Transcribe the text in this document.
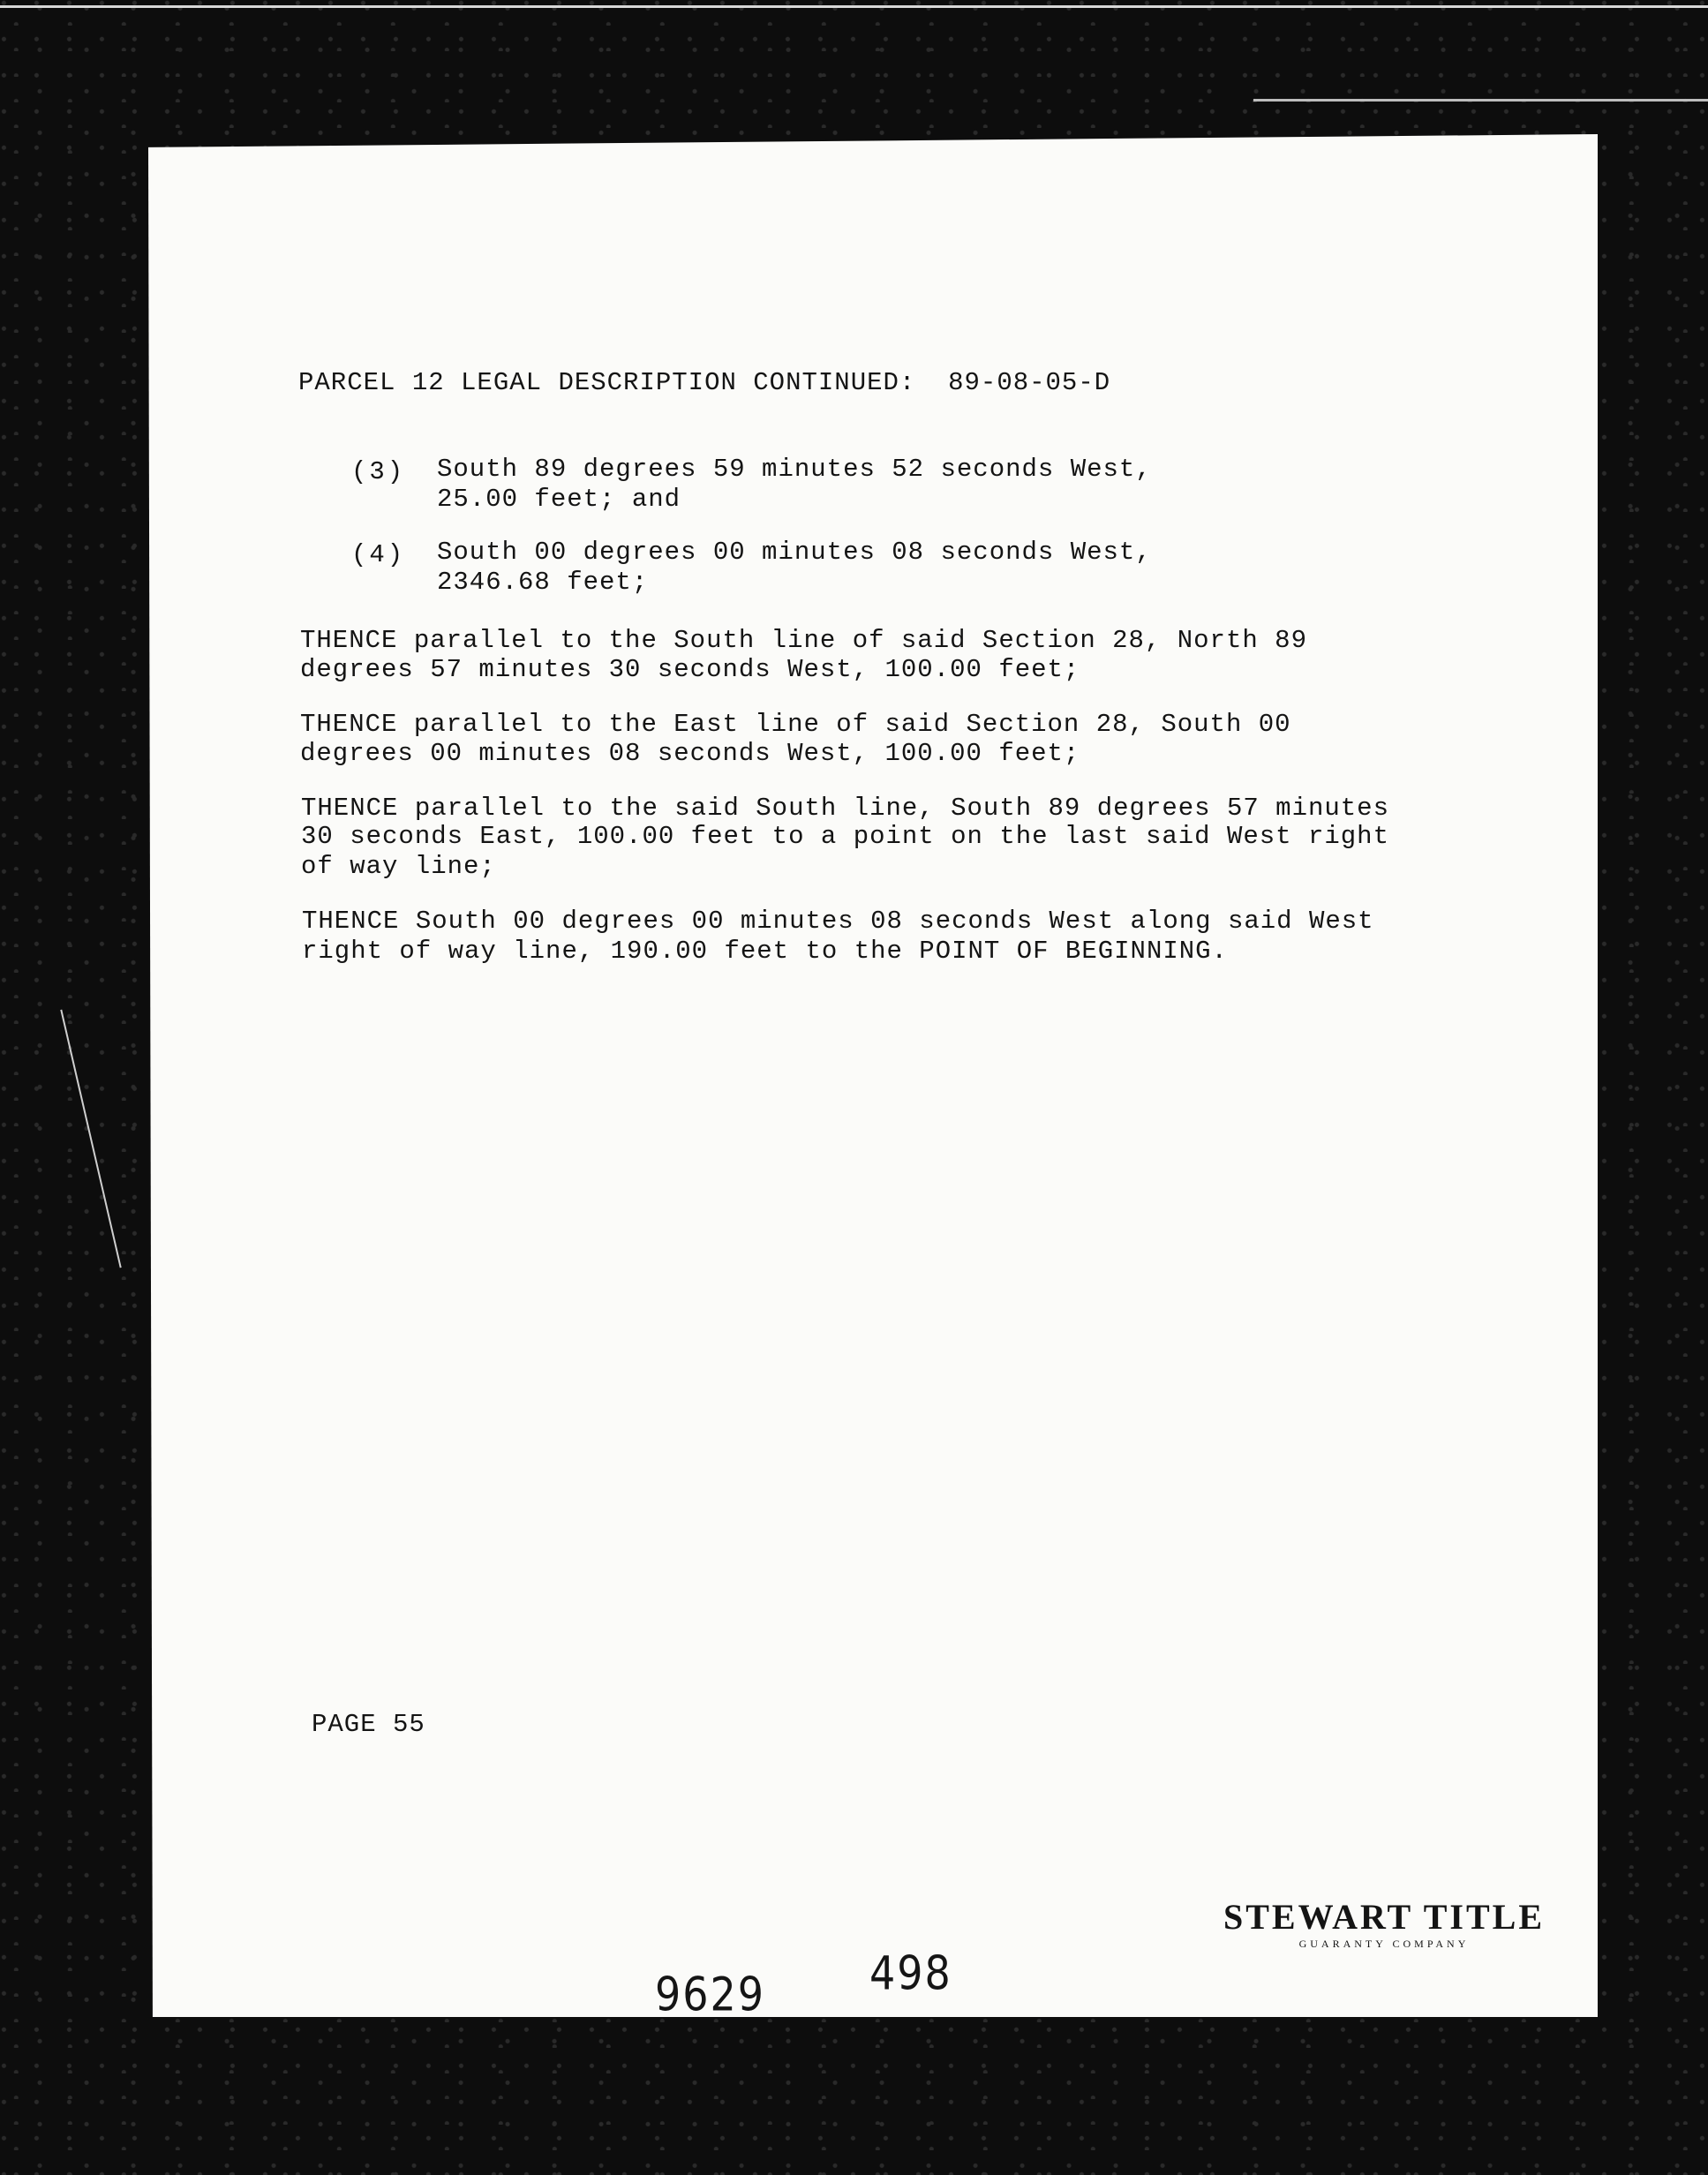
PARCEL 12 LEGAL DESCRIPTION CONTINUED:  89-08-05-D
(3) South 89 degrees 59 minutes 52 seconds West,
25.00 feet; and
(4) South 00 degrees 00 minutes 08 seconds West,
2346.68 feet;
THENCE parallel to the South line of said Section 28, North 89
degrees 57 minutes 30 seconds West, 100.00 feet;
THENCE parallel to the East line of said Section 28, South 00
degrees 00 minutes 08 seconds West, 100.00 feet;
THENCE parallel to the said South line, South 89 degrees 57 minutes
30 seconds East, 100.00 feet to a point on the last said West right
of way line;
THENCE South 00 degrees 00 minutes 08 seconds West along said West
right of way line, 190.00 feet to the POINT OF BEGINNING.
PAGE 55
STEWART TITLE
GUARANTY COMPANY
9629	498
